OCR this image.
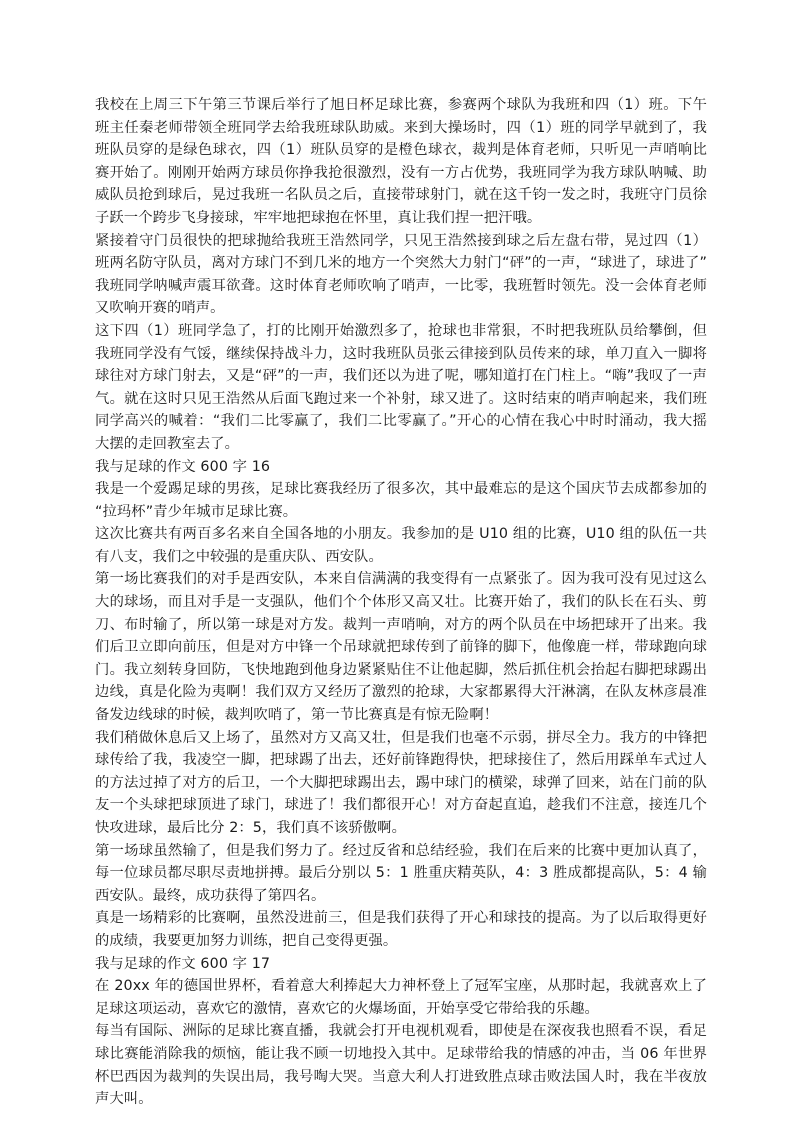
我校在上周三下午第三节课后举行了旭日杯足球比赛，参赛两个球队为我班和四（1）班。下午班主任秦老师带领全班同学去给我班球队助威。来到大操场时，四（1）班的同学早就到了，我班队员穿的是绿色球衣，四（1）班队员穿的是橙色球衣，裁判是体育老师，只听见一声哨响比赛开始了。刚刚开始两方球员你挣我抢很激烈，没有一方占优势，我班同学为我方球队呐喊、助威队员抢到球后，晃过我班一名队员之后，直接带球射门，就在这千钧一发之时，我班守门员徐子跃一个跨步飞身接球，牢牢地把球抱在怀里，真让我们捏一把汗哦。

紧接着守门员很快的把球抛给我班王浩然同学，只见王浩然接到球之后左盘右带，晃过四（1）班两名防守队员，离对方球门不到几米的地方一个突然大力射门“砰”的一声，“球进了，球进了”我班同学呐喊声震耳欲聋。这时体育老师吹响了哨声，一比零，我班暂时领先。没一会体育老师又吹响开赛的哨声。

这下四（1）班同学急了，打的比刚开始激烈多了，抢球也非常狠，不时把我班队员给攀倒，但我班同学没有气馁，继续保持战斗力，这时我班队员张云律接到队员传来的球，单刀直入一脚将球往对方球门射去，又是“砰”的一声，我们还以为进了呢，哪知道打在门柱上。“嗨”我叹了一声气。就在这时只见王浩然从后面飞跑过来一个补射，球又进了。这时结束的哨声响起来，我们班同学高兴的喊着：“我们二比零赢了，我们二比零赢了。”开心的心情在我心中时时涌动，我大摇大摆的走回教室去了。

我与足球的作文 600 字 16

我是一个爱踢足球的男孩，足球比赛我经历了很多次，其中最难忘的是这个国庆节去成都参加的“拉玛杯”青少年城市足球比赛。

这次比赛共有两百多名来自全国各地的小朋友。我参加的是 U10 组的比赛，U10 组的队伍一共有八支，我们之中较强的是重庆队、西安队。

第一场比赛我们的对手是西安队，本来自信满满的我变得有一点紧张了。因为我可没有见过这么大的球场，而且对手是一支强队，他们个个体形又高又壮。比赛开始了，我们的队长在石头、剪刀、布时输了，所以第一球是对方发。裁判一声哨响，对方的两个队员在中场把球开了出来。我们后卫立即向前压，但是对方中锋一个吊球就把球传到了前锋的脚下，他像鹿一样，带球跑向球门。我立刻转身回防，飞快地跑到他身边紧紧贴住不让他起脚，然后抓住机会抬起右脚把球踢出边线，真是化险为夷啊！我们双方又经历了激烈的抢球，大家都累得大汗淋漓，在队友林彦晨准备发边线球的时候，裁判吹哨了，第一节比赛真是有惊无险啊！

我们稍做休息后又上场了，虽然对方又高又壮，但是我们也毫不示弱，拼尽全力。我方的中锋把球传给了我，我凌空一脚，把球踢了出去，还好前锋跑得快，把球接住了，然后用踩单车式过人的方法过掉了对方的后卫，一个大脚把球踢出去，踢中球门的横梁，球弹了回来，站在门前的队友一个头球把球顶进了球门，球进了！我们都很开心！对方奋起直追，趁我们不注意，接连几个快攻进球，最后比分 2：5，我们真不该骄傲啊。

第一场球虽然输了，但是我们努力了。经过反省和总结经验，我们在后来的比赛中更加认真了，每一位球员都尽职尽责地拼搏。最后分别以 5：1 胜重庆精英队，4：3 胜成都提高队，5：4 输西安队。最终，成功获得了第四名。

真是一场精彩的比赛啊，虽然没进前三，但是我们获得了开心和球技的提高。为了以后取得更好的成绩，我要更加努力训练，把自己变得更强。

我与足球的作文 600 字 17

在 20xx 年的德国世界杯，看着意大利捧起大力神杯登上了冠军宝座，从那时起，我就喜欢上了足球这项运动，喜欢它的激情，喜欢它的火爆场面，开始享受它带给我的乐趣。

每当有国际、洲际的足球比赛直播，我就会打开电视机观看，即使是在深夜我也照看不误，看足球比赛能消除我的烦恼，能让我不顾一切地投入其中。足球带给我的情感的冲击，当 06 年世界杯巴西因为裁判的失误出局，我号啕大哭。当意大利人打进致胜点球击败法国人时，我在半夜放声大叫。
